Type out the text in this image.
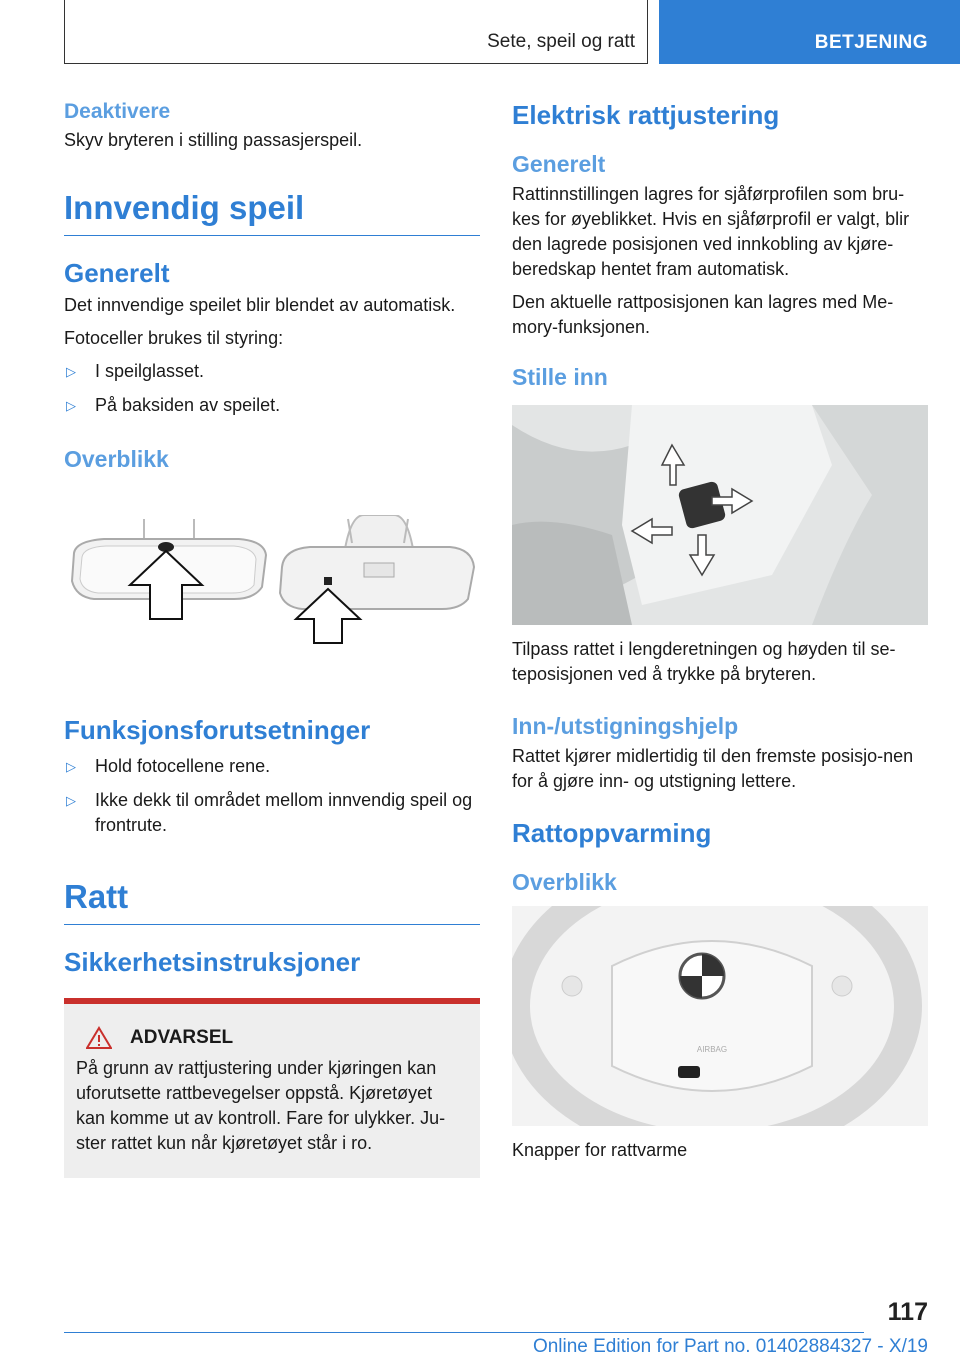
Sete, speil og ratt	BETJENING
Deaktivere

Skyv bryteren i stilling passasjerspeil.

Innvendig speil
Generelt

Det innvendige speilet blir blendet av automatisk.

Fotoceller brukes til styring:

▷	I speilglasset.
▷	På baksiden av speilet.
Overblikk
Funksjonsforutsetninger
▷	Hold fotocellene rene.
▷	Ikke dekk til området mellom innvendig speil og frontrute.
Ratt
Sikkerhetsinstruksjoner
ADVARSEL

På grunn av rattjustering under kjøringen kan uforutsette rattbevegelser oppstå. Kjøretøyet kan komme ut av kontroll. Fare for ulykker. Ju-ster rattet kun når kjøretøyet står i ro.

Elektrisk rattjustering
Generelt

Rattinnstillingen lagres for sjåførprofilen som bru-kes for øyeblikket. Hvis en sjåførprofil er valgt, blir den lagrede posisjonen ved innkobling av kjøre-beredskap hentet fram automatisk.

Den aktuelle rattposisjonen kan lagres med Me-mory-funksjonen.

Stille inn

Tilpass rattet i lengderetningen og høyden til se-teposisjonen ved å trykke på bryteren.

Inn-/utstigningshjelp

Rattet kjører midlertidig til den fremste posisjo-nen for å gjøre inn- og utstigning lettere.

Rattoppvarming
Overblikk
AIRBAG

Knapper for rattvarme

117
Online Edition for Part no. 01402884327 - X/19
